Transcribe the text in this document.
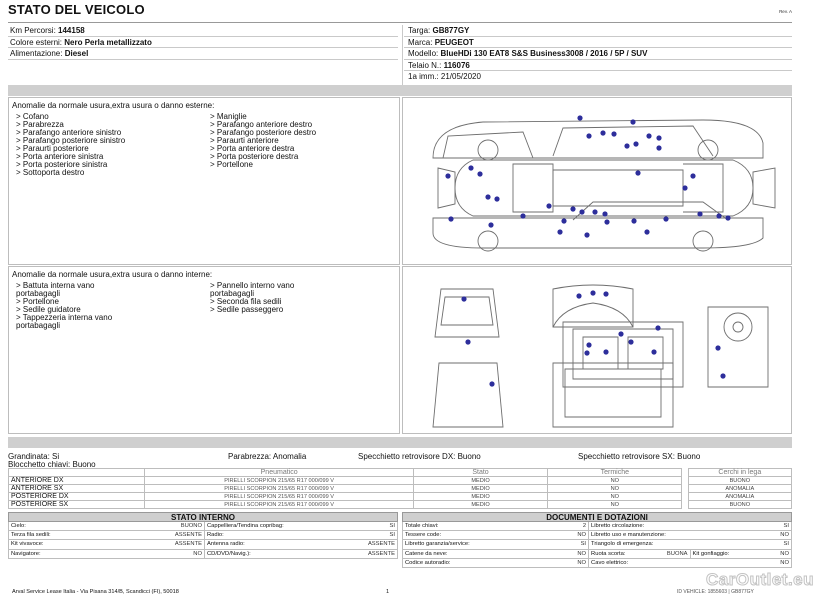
STATO DEL VEICOLO	Rev. A
Km Percorsi: 144158
Colore esterni: Nero Perla metallizzato
Alimentazione: Diesel
Targa: GB877GY
Marca: PEUGEOT
Modello: BlueHDi 130 EAT8 S&S Business3008 / 2016 / 5P / SUV
Telaio N.: 116076
1a imm.: 21/05/2020
Anomalie da normale usura,extra usura o danno esterne:
> Cofano
> Parabrezza
> Parafango anteriore sinistro
> Parafango posteriore sinistro
> Paraurti posteriore
> Porta anteriore sinistra
> Porta posteriore sinistra
> Sottoporta destro
> Maniglie
> Parafango anteriore destro
> Parafango posteriore destro
> Paraurti anteriore
> Porta anteriore destra
> Porta posteriore destra
> Portellone
Anomalie da normale usura,extra usura o danno interne:
> Battuta interna vano
portabagagli
> Portellone
> Sedile guidatore
> Tappezzeria interna vano
portabagagli
> Pannello interno vano
portabagagli
> Seconda fila sedili
> Sedile passeggero
Grandinata: Si	Parabrezza: Anomalia	Specchietto retrovisore DX: Buono	Specchietto retrovisore SX: Buono
Blocchetto chiavi: Buono
	Pneumatico	Stato	Termiche		Cerchi in lega
ANTERIORE DX	PIRELLI SCORPION 215/65 R17 000/099 V	MEDIO	NO		BUONO
ANTERIORE SX	PIRELLI SCORPION 215/65 R17 000/099 V	MEDIO	NO		ANOMALIA
POSTERIORE DX	PIRELLI SCORPION 215/65 R17 000/099 V	MEDIO	NO		ANOMALIA
POSTERIORE SX	PIRELLI SCORPION 215/65 R17 000/099 V	MEDIO	NO		BUONO
STATO INTERNO
Cielo:	BUONO Cappelliera/Tendina copribag:	SI
Terza fila sedili:	ASSENTE Radio:	SI
Kit vivavoce:	ASSENTE Antenna radio:	ASSENTE
Navigatore:	NO CD/DVD/Navig.):	ASSENTE
DOCUMENTI E DOTAZIONI
Totale chiavi:	2 Libretto circolazione:	SI
Tessere code:	NO Libretto uso e manutenzione:	NO
Libretto garanzia/service:	SI Triangolo di emergenza:	SI
Catene da neve:	NO Ruota scorta:	BUONA Kit gonfiaggio:	NO
Codice autoradio:	NO Cavo elettrico:	NO
Arval Service Lease Italia - Via Pisana 314/B, Scandicci (FI), 50018	1	ID VEHICLE: 1855603 | GB877GY
CarOutlet.eu
